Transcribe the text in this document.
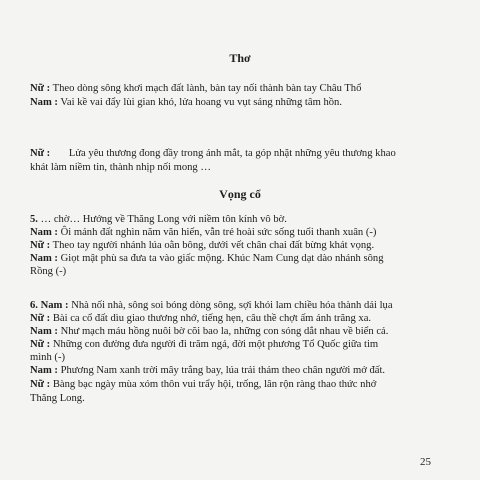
Thơ
Nữ : Theo dòng sông khơi mạch đất lành, bàn tay nối thành bàn tay Châu Thổ
Nam : Vai kề vai đẩy lùi gian khó, lửa hoang vu vụt sáng những tâm hồn.
Nữ : Lửa yêu thương đong đầy trong ánh mắt, ta góp nhặt những yêu thương khao
khát làm niềm tin, thành nhịp nối mong …
Vọng cổ
5. … chờ… Hướng về Thăng Long với niềm tôn kính vô bờ.
Nam : Ôi mảnh đất nghìn năm văn hiến, vẫn trẻ hoài sức sống tuổi thanh xuân (-)
Nữ : Theo tay người nhánh lúa oằn bông, dưới vết chân chai đất bừng khát vọng.
Nam : Giọt mật phù sa đưa ta vào giấc mộng. Khúc Nam Cung dạt dào nhánh sông
Rồng (-)
6. Nam : Nhà nối nhà, sông soi bóng dòng sông, sợi khói lam chiều hóa thành dải lụa
Nữ : Bài ca cổ đất dìu giao thương nhớ, tiếng hẹn, câu thề chợt ấm ánh trăng xa.
Nam : Như mạch máu hồng nuôi bờ cõi bao la, những con sóng dắt nhau về biển cả.
Nữ : Những con đường đưa người đi trăm ngả, đời một phương Tổ Quốc giữa tim
mình (-)
Nam : Phương Nam xanh trời mây trắng bay, lúa trải thảm theo chân người mở đất.
Nữ : Bàng bạc ngày mùa xóm thôn vui trẩy hội, trống, lân rộn ràng thao thức nhớ
Thăng Long.
25
